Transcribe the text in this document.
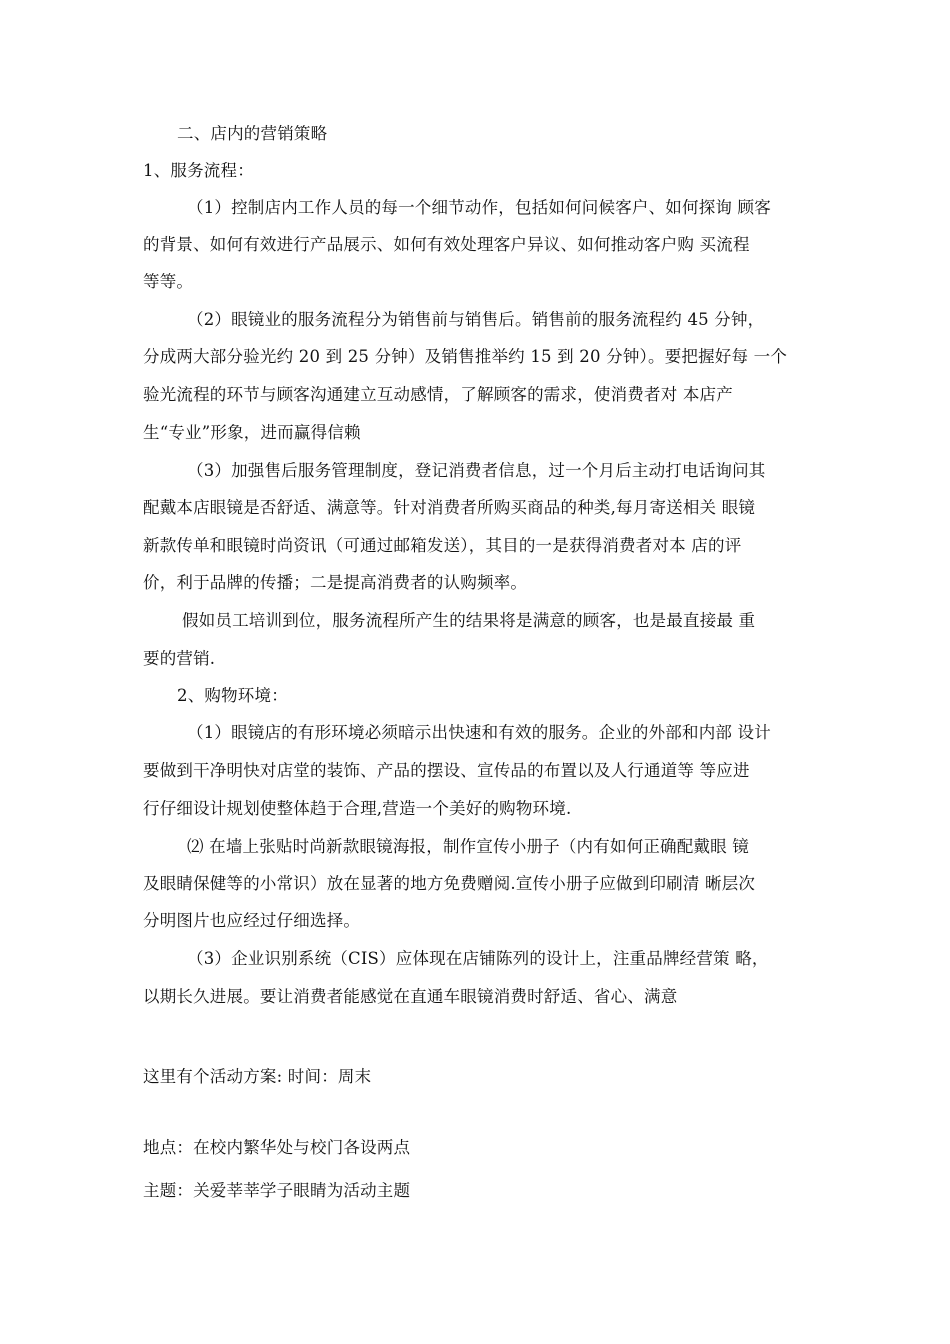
二、店内的营销策略
1、服务流程：
（1）控制店内工作人员的每一个细节动作，包括如何问候客户、如何探询 顾客
的背景、如何有效进行产品展示、如何有效处理客户异议、如何推动客户购 买流程
等等。
（2）眼镜业的服务流程分为销售前与销售后。销售前的服务流程约 45 分钟，
分成两大部分验光约 20 到 25 分钟）及销售推举约 15 到 20 分钟）。要把握好每 一个
验光流程的环节与顾客沟通建立互动感情，了解顾客的需求，使消费者对 本店产
生“专业”形象，进而赢得信赖
（3）加强售后服务管理制度，登记消费者信息，过一个月后主动打电话询问其
配戴本店眼镜是否舒适、满意等。针对消费者所购买商品的种类,每月寄送相关 眼镜
新款传单和眼镜时尚资讯（可通过邮箱发送），其目的一是获得消费者对本 店的评
价，利于品牌的传播；二是提高消费者的认购频率。
假如员工培训到位，服务流程所产生的结果将是满意的顾客，也是最直接最 重
要的营销.
2、购物环境：
（1）眼镜店的有形环境必须暗示出快速和有效的服务。企业的外部和内部 设计
要做到干净明快对店堂的装饰、产品的摆设、宣传品的布置以及人行通道等 等应进
行仔细设计规划使整体趋于合理,营造一个美好的购物环境.
⑵ 在墙上张贴时尚新款眼镜海报，制作宣传小册子（内有如何正确配戴眼 镜
及眼睛保健等的小常识）放在显著的地方免费赠阅.宣传小册子应做到印刷清 晰层次
分明图片也应经过仔细选择。
（3）企业识别系统（CIS）应体现在店铺陈列的设计上，注重品牌经营策 略，
以期长久进展。要让消费者能感觉在直通车眼镜消费时舒适、省心、满意
这里有个活动方案: 时间：周末
地点：在校内繁华处与校门各设两点
主题：关爱莘莘学子眼睛为活动主题
